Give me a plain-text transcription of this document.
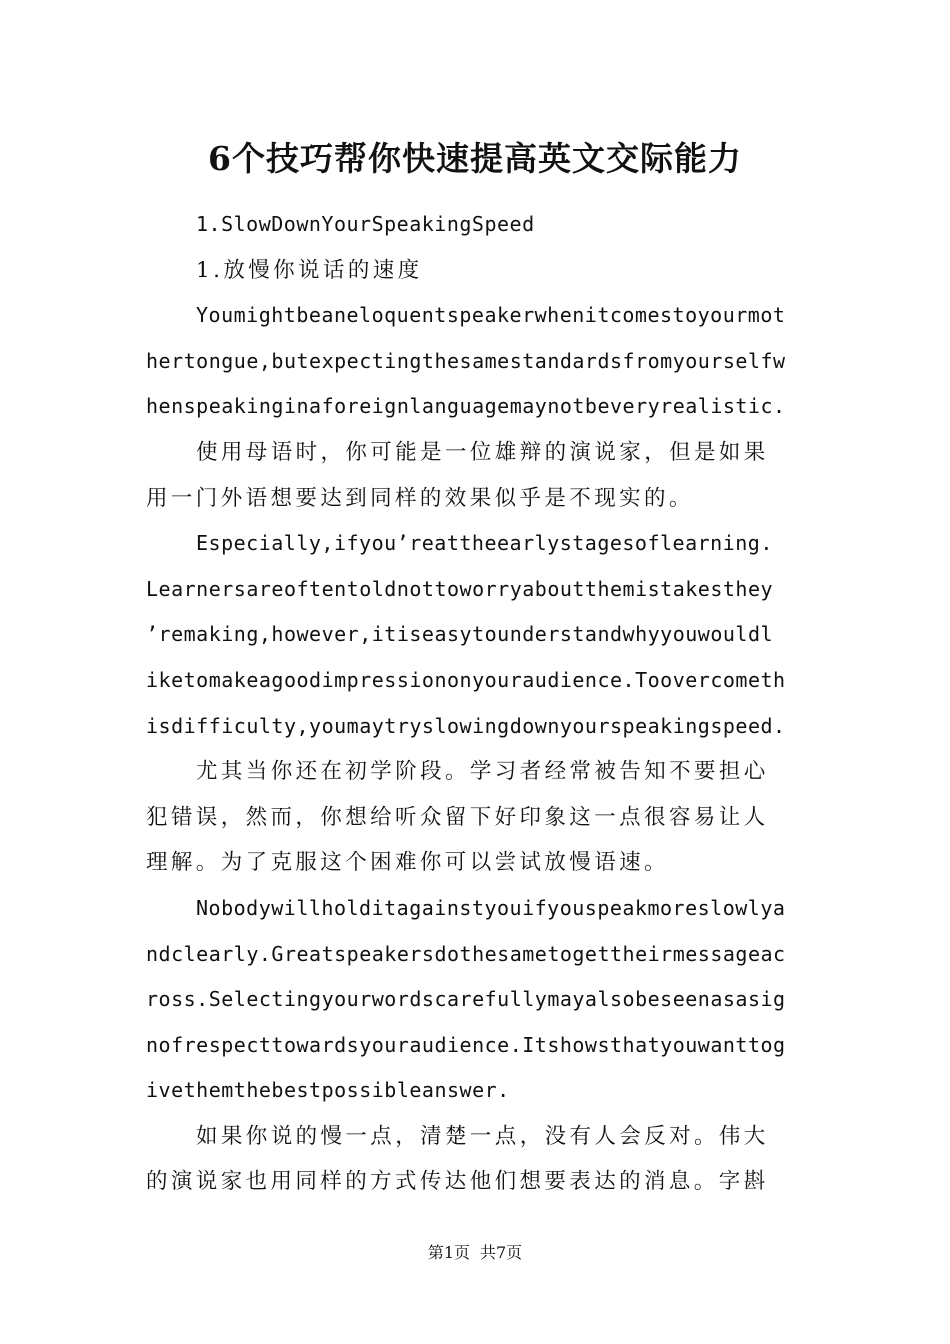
6个技巧帮你快速提高英文交际能力
1.SlowDownYourSpeakingSpeed
1.放慢你说话的速度
Youmightbeaneloquentspeakerwhenitcomestoyourmot
hertongue,butexpectingthesamestandardsfromyourselfw
henspeakinginaforeignlanguagemaynotbeveryrealistic.
使用母语时，你可能是一位雄辩的演说家，但是如果
用一门外语想要达到同样的效果似乎是不现实的。
Especially,ifyou’reattheearlystagesoflearning.
Learnersareoftentoldnottoworryaboutthemistakesthey
’remaking,however,itiseasytounderstandwhyyouwouldl
iketomakeagoodimpressiononyouraudience.Toovercometh
isdifficulty,youmaytryslowingdownyourspeakingspeed.
尤其当你还在初学阶段。学习者经常被告知不要担心
犯错误，然而，你想给听众留下好印象这一点很容易让人
理解。为了克服这个困难你可以尝试放慢语速。
Nobodywillholditagainstyouifyouspeakmoreslowlya
ndclearly.Greatspeakersdothesametogettheirmessageac
ross.Selectingyourwordscarefullymayalsobeseenasasig
nofrespecttowardsyouraudience.Itshowsthatyouwanttog
ivethemthebestpossibleanswer.
如果你说的慢一点，清楚一点，没有人会反对。伟大
的演说家也用同样的方式传达他们想要表达的消息。字斟
第1页 共7页
